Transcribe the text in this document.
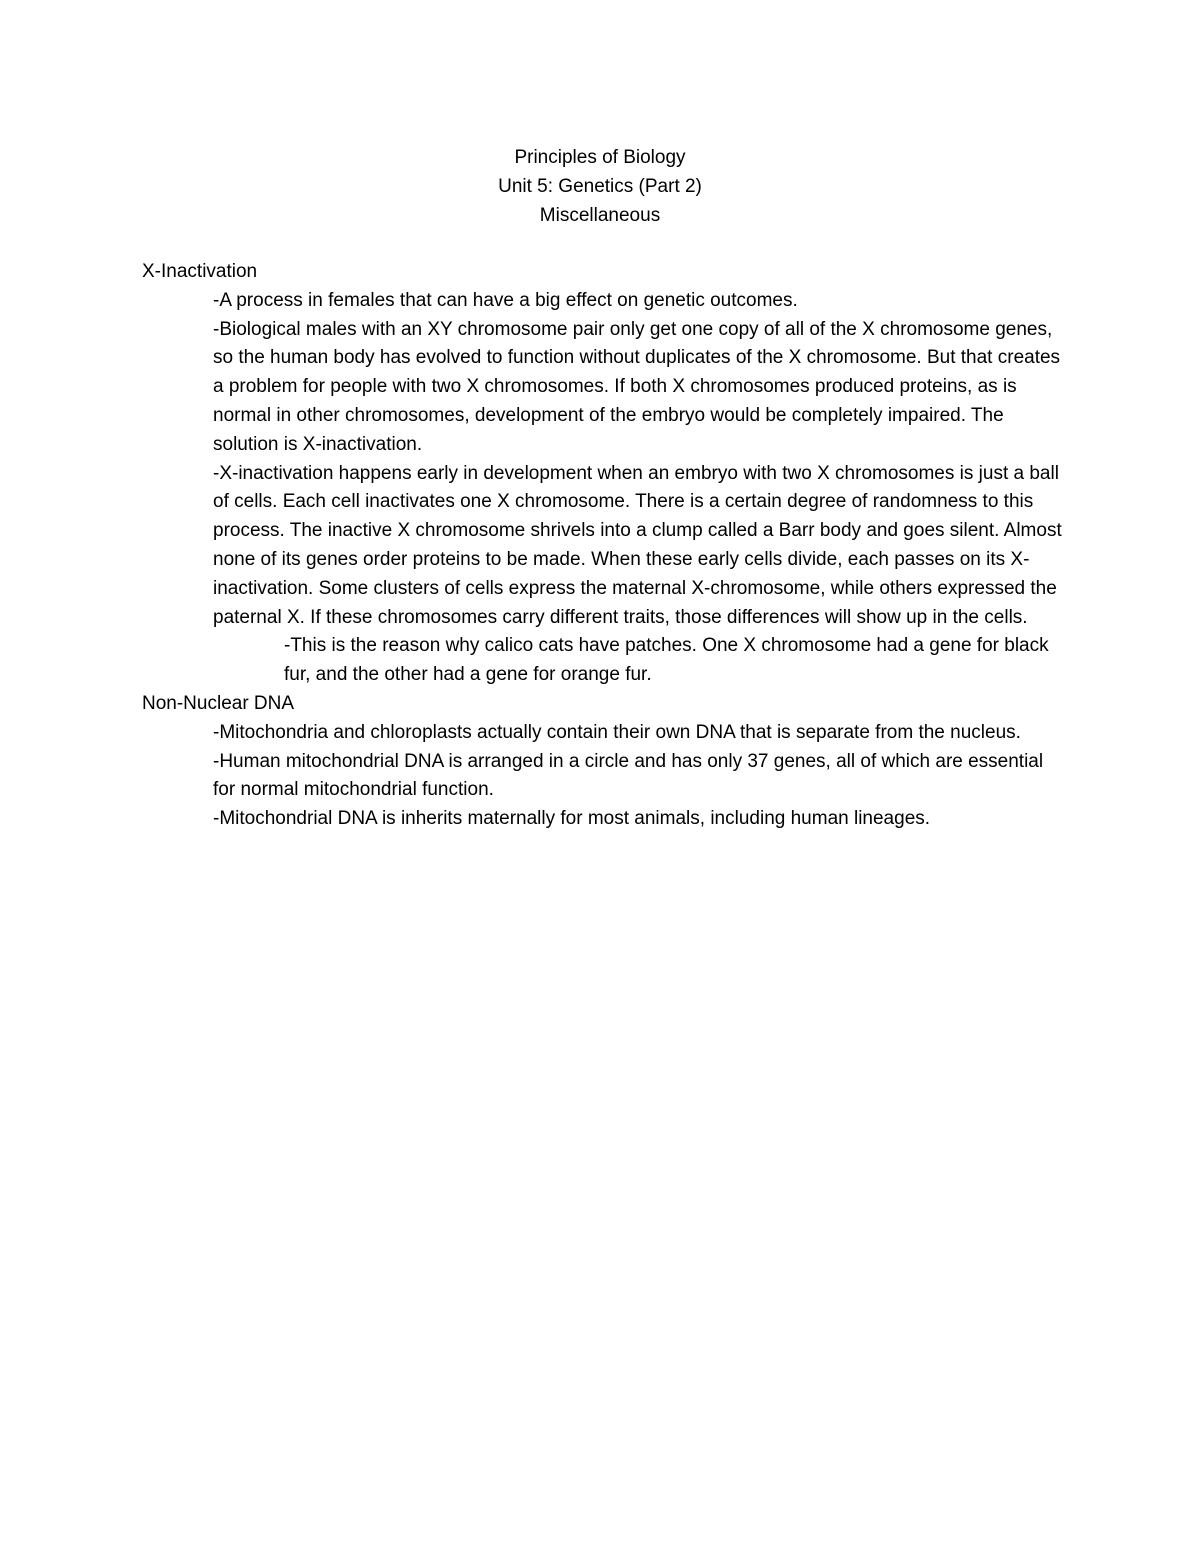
Principles of Biology
Unit 5: Genetics (Part 2)
Miscellaneous

X-Inactivation

-A process in females that can have a big effect on genetic outcomes.

-Biological males with an XY chromosome pair only get one copy of all of the X chromosome genes, so the human body has evolved to function without duplicates of the X chromosome. But that creates a problem for people with two X chromosomes. If both X chromosomes produced proteins, as is normal in other chromosomes, development of the embryo would be completely impaired. The solution is X-inactivation.

-X-inactivation happens early in development when an embryo with two X chromosomes is just a ball of cells. Each cell inactivates one X chromosome. There is a certain degree of randomness to this process. The inactive X chromosome shrivels into a clump called a Barr body and goes silent. Almost none of its genes order proteins to be made. When these early cells divide, each passes on its X-inactivation. Some clusters of cells express the maternal X-chromosome, while others expressed the paternal X. If these chromosomes carry different traits, those differences will show up in the cells.

-This is the reason why calico cats have patches. One X chromosome had a gene for black fur, and the other had a gene for orange fur.

Non-Nuclear DNA

-Mitochondria and chloroplasts actually contain their own DNA that is separate from the nucleus.

-Human mitochondrial DNA is arranged in a circle and has only 37 genes, all of which are essential for normal mitochondrial function.

-Mitochondrial DNA is inherits maternally for most animals, including human lineages.
